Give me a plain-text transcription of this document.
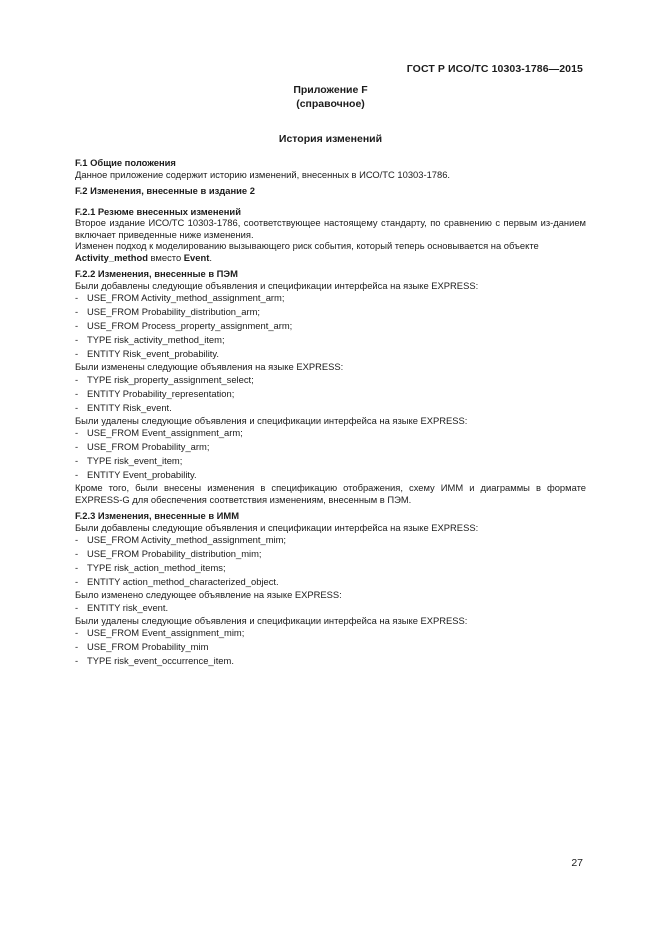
ГОСТ Р ИСО/ТС 10303-1786—2015
Приложение F
(справочное)
История изменений

F.1 Общие положения

Данное приложение содержит историю изменений, внесенных в ИСО/ТС 10303-1786.

F.2 Изменения, внесенные в издание 2

F.2.1 Резюме внесенных изменений

Второе издание ИСО/ТС 10303-1786, соответствующее настоящему стандарту, по сравнению с первым из-данием включает приведенные ниже изменения.

Изменен подход к моделированию вызывающего риск события, который теперь основывается на объекте

Activity_method вместо Event.

F.2.2 Изменения, внесенные в ПЭМ

Были добавлены следующие объявления и спецификации интерфейса на языке EXPRESS:

- USE_FROM Activity_method_assignment_arm;
- USE_FROM Probability_distribution_arm;
- USE_FROM Process_property_assignment_arm;
- TYPE risk_activity_method_item;
- ENTITY Risk_event_probability.

Были изменены следующие объявления на языке EXPRESS:

- TYPE risk_property_assignment_select;
- ENTITY Probability_representation;
- ENTITY Risk_event.

Были удалены следующие объявления и спецификации интерфейса на языке EXPRESS:

- USE_FROM Event_assignment_arm;
- USE_FROM Probability_arm;
- TYPE risk_event_item;
- ENTITY Event_probability.

Кроме того, были внесены изменения в спецификацию отображения, схему ИММ и диаграммы в формате EXPRESS-G для обеспечения соответствия изменениям, внесенным в ПЭМ.

F.2.3 Изменения, внесенные в ИММ

Были добавлены следующие объявления и спецификации интерфейса на языке EXPRESS:

- USE_FROM Activity_method_assignment_mim;
- USE_FROM Probability_distribution_mim;
- TYPE risk_action_method_items;
- ENTITY action_method_characterized_object.

Было изменено следующее объявление на языке EXPRESS:

- ENTITY risk_event.

Были удалены следующие объявления и спецификации интерфейса на языке EXPRESS:

- USE_FROM Event_assignment_mim;
- USE_FROM Probability_mim
- TYPE risk_event_occurrence_item.
27
